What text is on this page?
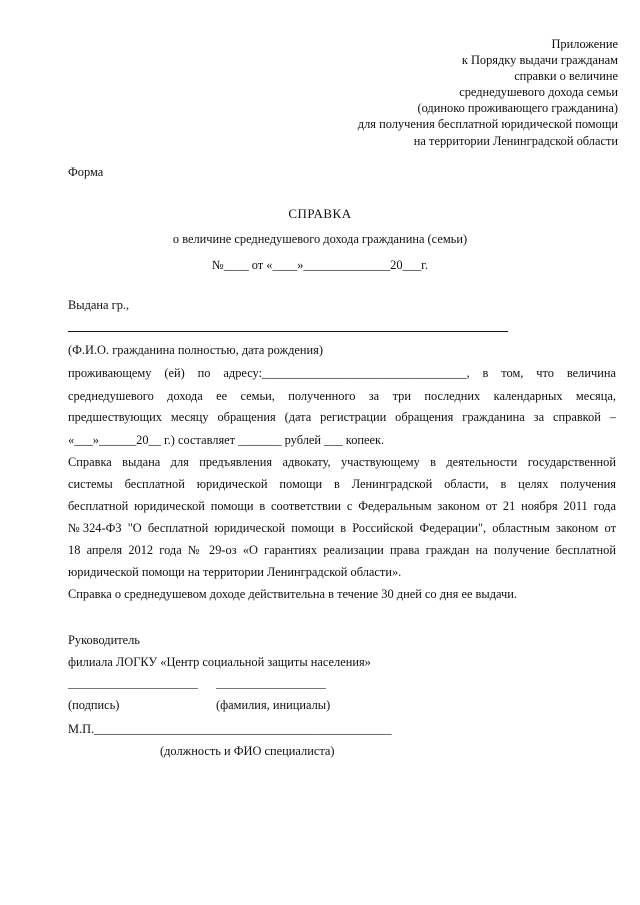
Приложение
к Порядку выдачи гражданам
справки о величине
среднедушевого дохода семьи
(одиноко проживающего гражданина)
для получения бесплатной юридической помощи
на территории Ленинградской области
Форма
СПРАВКА
о величине среднедушевого дохода гражданина (семьи)
№____ от «____»______________20___г.
Выдана гр.,
(Ф.И.О. гражданина полностью, дата рождения)
проживающему (ей) по адресу:_________________________________, в том, что величина
среднедушевого дохода ее семьи, полученного за три последних календарных месяца,
предшествующих месяцу обращения (дата регистрации обращения гражданина за справкой –
«___»______20__ г.) составляет _______ рублей ___ копеек.
Справка выдана для предъявления адвокату, участвующему в деятельности государственной
системы бесплатной юридической помощи в Ленинградской области, в целях получения
бесплатной юридической помощи в соответствии с Федеральным законом от 21 ноября 2011 года
№324-ФЗ "О бесплатной юридической помощи в Российской Федерации", областным законом от
18 апреля 2012 года № 29-оз «О гарантиях реализации права граждан на получение бесплатной
юридической помощи на территории Ленинградской области».
Справка о среднедушевом доходе действительна в течение 30 дней со дня ее выдачи.
Руководитель
филиала ЛОГКУ «Центр социальной защиты населения»
(подпись)	(фамилия, инициалы)
М.П.________________________________________________
(должность и ФИО специалиста)
